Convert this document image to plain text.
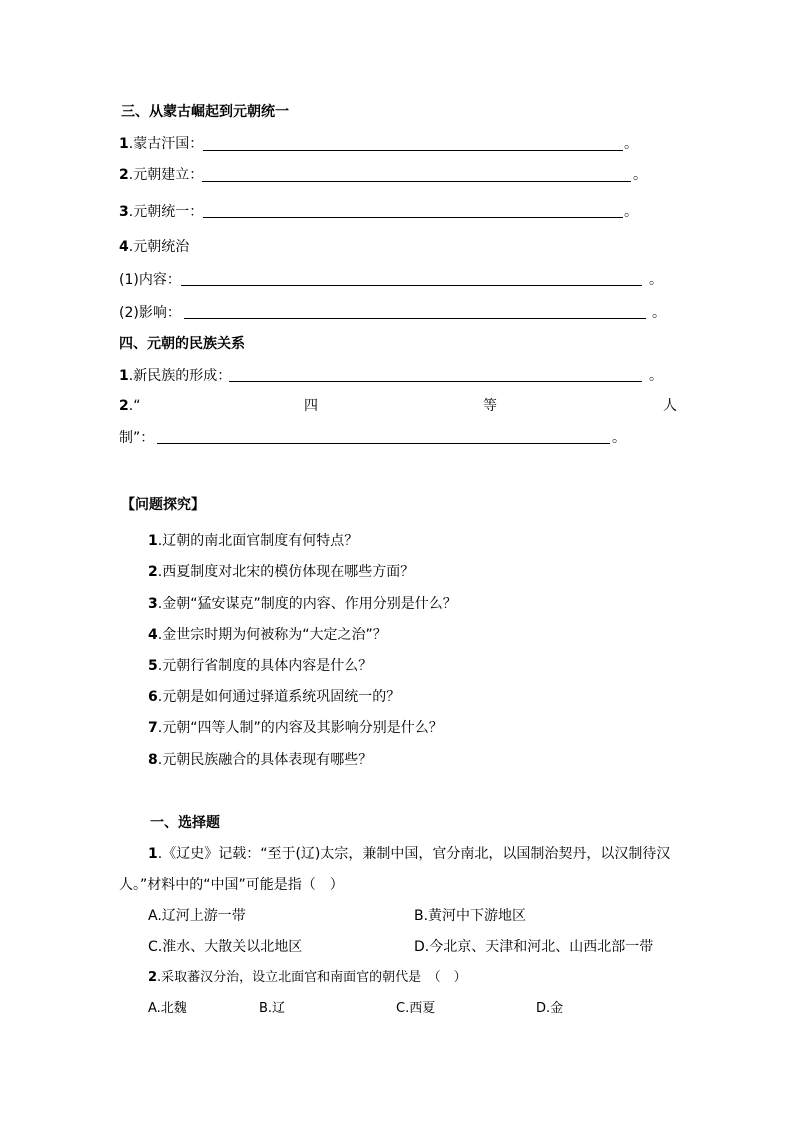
三、从蒙古崛起到元朝统一
1.蒙古汗国：	。
2.元朝建立：	。
3.元朝统一：	。
4.元朝统治
(1)内容：	。
(2)影响：	。
四、元朝的民族关系
1.新民族的形成：	。
2.“	四	等	人
制”：	。
【问题探究】
1.辽朝的南北面官制度有何特点？
2.西夏制度对北宋的模仿体现在哪些方面？
3.金朝“猛安谋克”制度的内容、作用分别是什么？
4.金世宗时期为何被称为“大定之治”？
5.元朝行省制度的具体内容是什么？
6.元朝是如何通过驿道系统巩固统一的？
7.元朝“四等人制”的内容及其影响分别是什么？
8.元朝民族融合的具体表现有哪些？
一、选择题
1.《辽史》记载：“至于(辽)太宗，兼制中国，官分南北，以国制治契丹，以汉制待汉
人。”材料中的“中国”可能是指（　）
A.辽河上游一带	B.黄河中下游地区
C.淮水、大散关以北地区	D.今北京、天津和河北、山西北部一带
2.采取蕃汉分治，设立北面官和南面官的朝代是　（　）
A.北魏	B.辽	C.西夏	D.金
